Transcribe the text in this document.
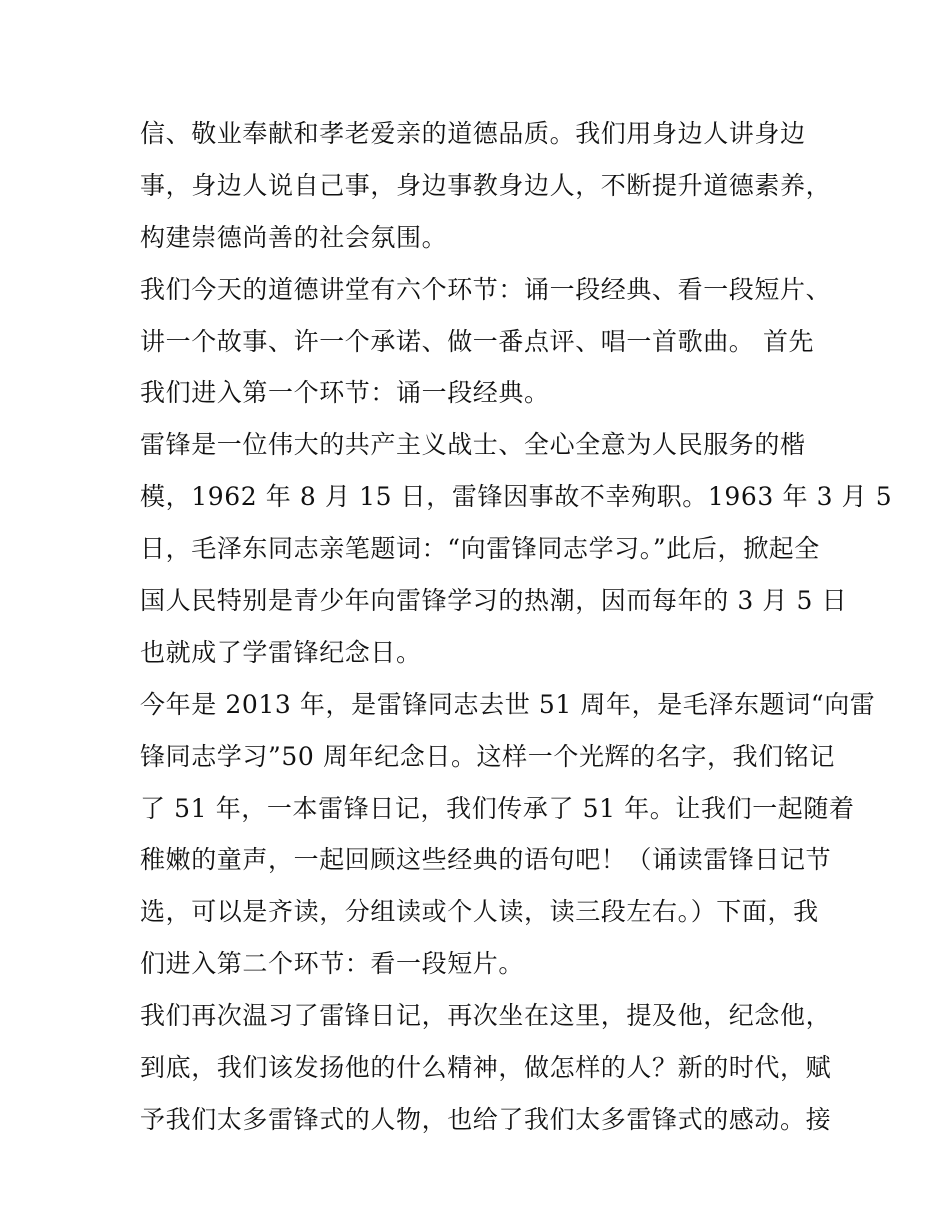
信、敬业奉献和孝老爱亲的道德品质。我们用身边人讲身边
事，身边人说自己事，身边事教身边人，不断提升道德素养，
构建崇德尚善的社会氛围。
我们今天的道德讲堂有六个环节：诵一段经典、看一段短片、
讲一个故事、许一个承诺、做一番点评、唱一首歌曲。 首先
我们进入第一个环节：诵一段经典。
雷锋是一位伟大的共产主义战士、全心全意为人民服务的楷
模，1962 年 8 月 15 日，雷锋因事故不幸殉职。1963 年 3 月 5
日，毛泽东同志亲笔题词：“向雷锋同志学习。”此后，掀起全
国人民特别是青少年向雷锋学习的热潮，因而每年的 3 月 5 日
也就成了学雷锋纪念日。
今年是 2013 年，是雷锋同志去世 51 周年，是毛泽东题词“向雷
锋同志学习”50 周年纪念日。这样一个光辉的名字，我们铭记
了 51 年，一本雷锋日记，我们传承了 51 年。让我们一起随着
稚嫩的童声，一起回顾这些经典的语句吧！（诵读雷锋日记节
选，可以是齐读，分组读或个人读，读三段左右。）下面，我
们进入第二个环节：看一段短片。
我们再次温习了雷锋日记，再次坐在这里，提及他，纪念他，
到底，我们该发扬他的什么精神，做怎样的人？新的时代，赋
予我们太多雷锋式的人物，也给了我们太多雷锋式的感动。接
